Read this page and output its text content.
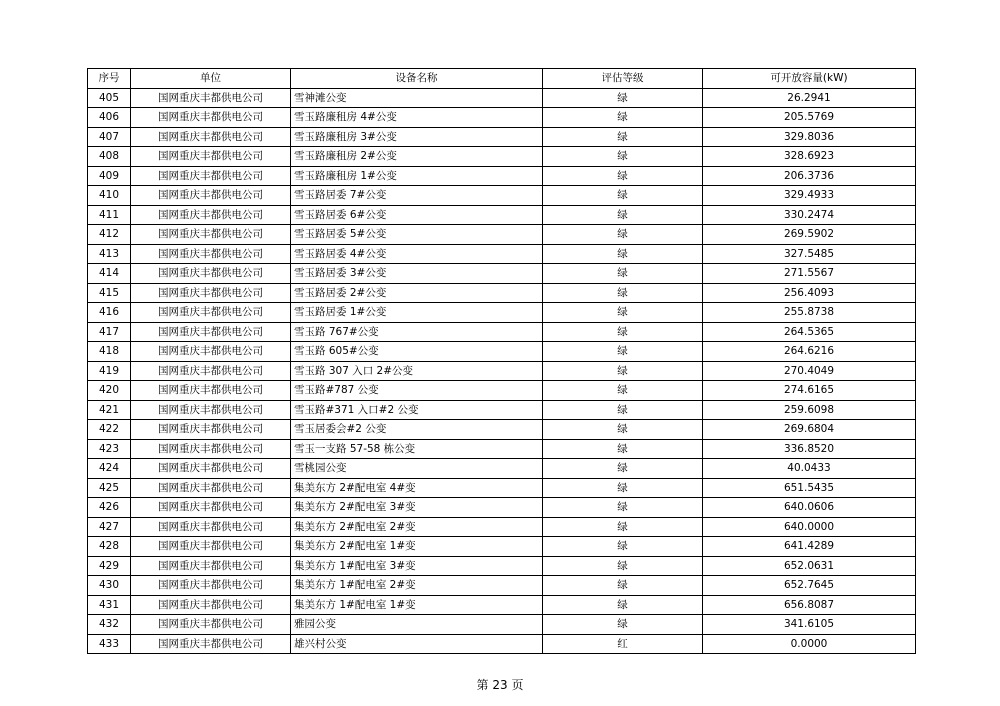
序号	单位	设备名称	评估等级	可开放容量(kW)
405	国网重庆丰都供电公司	雪神滩公变	绿	26.2941
406	国网重庆丰都供电公司	雪玉路廉租房 4#公变	绿	205.5769
407	国网重庆丰都供电公司	雪玉路廉租房 3#公变	绿	329.8036
408	国网重庆丰都供电公司	雪玉路廉租房 2#公变	绿	328.6923
409	国网重庆丰都供电公司	雪玉路廉租房 1#公变	绿	206.3736
410	国网重庆丰都供电公司	雪玉路居委 7#公变	绿	329.4933
411	国网重庆丰都供电公司	雪玉路居委 6#公变	绿	330.2474
412	国网重庆丰都供电公司	雪玉路居委 5#公变	绿	269.5902
413	国网重庆丰都供电公司	雪玉路居委 4#公变	绿	327.5485
414	国网重庆丰都供电公司	雪玉路居委 3#公变	绿	271.5567
415	国网重庆丰都供电公司	雪玉路居委 2#公变	绿	256.4093
416	国网重庆丰都供电公司	雪玉路居委 1#公变	绿	255.8738
417	国网重庆丰都供电公司	雪玉路 767#公变	绿	264.5365
418	国网重庆丰都供电公司	雪玉路 605#公变	绿	264.6216
419	国网重庆丰都供电公司	雪玉路 307 入口 2#公变	绿	270.4049
420	国网重庆丰都供电公司	雪玉路#787 公变	绿	274.6165
421	国网重庆丰都供电公司	雪玉路#371 入口#2 公变	绿	259.6098
422	国网重庆丰都供电公司	雪玉居委会#2 公变	绿	269.6804
423	国网重庆丰都供电公司	雪玉一支路 57-58 栋公变	绿	336.8520
424	国网重庆丰都供电公司	雪桃园公变	绿	40.0433
425	国网重庆丰都供电公司	集美东方 2#配电室 4#变	绿	651.5435
426	国网重庆丰都供电公司	集美东方 2#配电室 3#变	绿	640.0606
427	国网重庆丰都供电公司	集美东方 2#配电室 2#变	绿	640.0000
428	国网重庆丰都供电公司	集美东方 2#配电室 1#变	绿	641.4289
429	国网重庆丰都供电公司	集美东方 1#配电室 3#变	绿	652.0631
430	国网重庆丰都供电公司	集美东方 1#配电室 2#变	绿	652.7645
431	国网重庆丰都供电公司	集美东方 1#配电室 1#变	绿	656.8087
432	国网重庆丰都供电公司	雅园公变	绿	341.6105
433	国网重庆丰都供电公司	雄兴村公变	红	0.0000
第 23 页
